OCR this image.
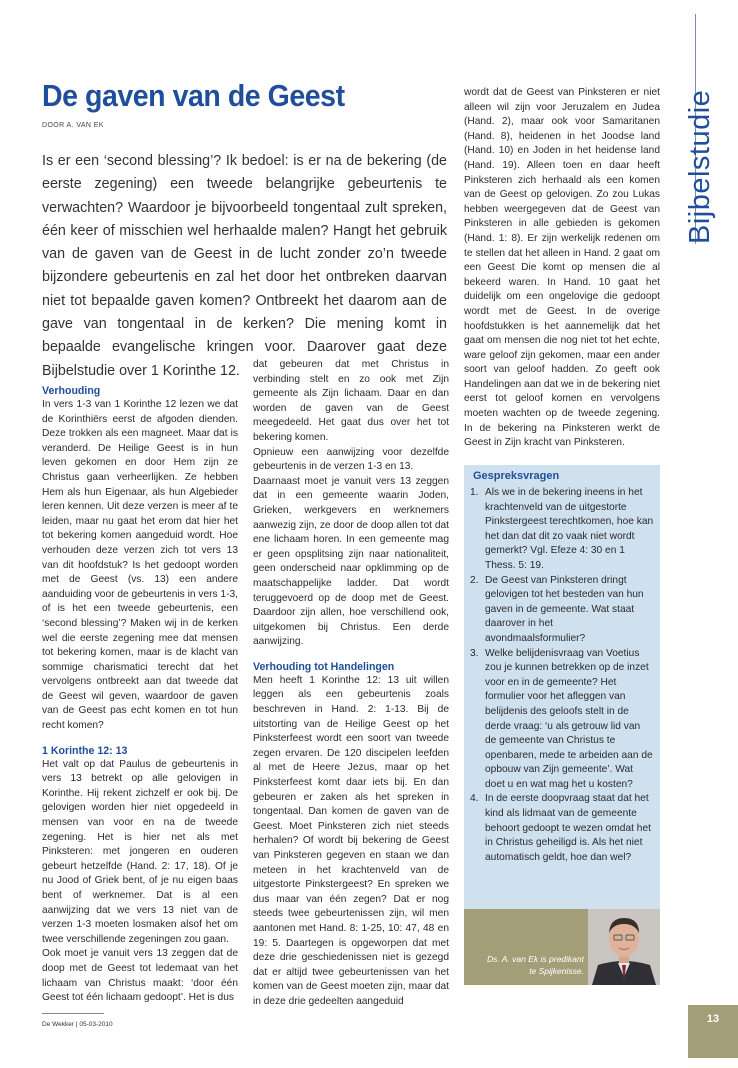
De gaven van de Geest
DOOR A. VAN EK

Is er een ‘second blessing’? Ik bedoel: is er na de bekering (de eerste zegening) een tweede belangrijke gebeurtenis te verwachten? Waardoor je bijvoorbeeld tongentaal zult spreken, één keer of misschien wel herhaalde malen? Hangt het gebruik van de gaven van de Geest in de lucht zonder zo’n tweede bijzondere gebeurtenis en zal het door het ontbreken daarvan niet tot bepaalde gaven komen? Ontbreekt het daarom aan de gave van tongentaal in de kerken? Die mening komt in bepaalde evangelische kringen voor. Daarover gaat deze Bijbelstudie over 1 Korinthe 12.

Verhouding

In vers 1-3 van 1 Korinthe 12 lezen we dat de Korinthiërs eerst de afgoden dienden. Deze trokken als een magneet. Maar dat is veranderd. De Heilige Geest is in hun leven gekomen en door Hem zijn ze Christus gaan verheerlijken. Ze hebben Hem als hun Eigenaar, als hun Algebieder leren kennen. Uit deze verzen is meer af te leiden, maar nu gaat het erom dat hier het tot bekering komen aangeduid wordt. Hoe verhouden deze verzen zich tot vers 13 van dit hoofdstuk? Is het gedoopt worden met de Geest (vs. 13) een andere aanduiding voor de gebeurtenis in vers 1-3, of is het een tweede gebeurtenis, een ‘second blessing’? Maken wij in de kerken wel die eerste zegening mee dat mensen tot bekering komen, maar is de klacht van sommige charismatici terecht dat het vervolgens ontbreekt aan dat tweede dat de Geest wil geven, waardoor de gaven van de Geest pas echt komen en tot hun recht komen?

1 Korinthe 12: 13

Het valt op dat Paulus de gebeurtenis in vers 13 betrekt op alle gelovigen in Korinthe. Hij rekent zichzelf er ook bij. De gelovigen worden hier niet opgedeeld in mensen van voor en na de tweede zegening. Het is hier net als met Pinksteren: met jongeren en ouderen gebeurt hetzelfde (Hand. 2: 17, 18). Of je nu Jood of Griek bent, of je nu eigen baas bent of werknemer. Dat is al een aanwijzing dat we vers 13 niet van de verzen 1-3 moeten losmaken alsof het om twee verschillende zegeningen zou gaan.

Ook moet je vanuit vers 13 zeggen dat de doop met de Geest tot ledemaat van het lichaam van Christus maakt: ‘door één Geest tot één lichaam gedoopt’. Het is dus

dat gebeuren dat met Christus in verbinding stelt en zo ook met Zijn gemeente als Zijn lichaam. Daar en dan worden de gaven van de Geest meegedeeld. Het gaat dus over het tot bekering komen.

Opnieuw een aanwijzing voor dezelfde gebeurtenis in de verzen 1-3 en 13.

Daarnaast moet je vanuit vers 13 zeggen dat in een gemeente waarin Joden, Grieken, werkgevers en werknemers aanwezig zijn, ze door de doop allen tot dat ene lichaam horen. In een gemeente mag er geen opsplitsing zijn naar nationaliteit, geen onderscheid naar opklimming op de maatschappelijke ladder. Dat wordt teruggevoerd op de doop met de Geest. Daardoor zijn allen, hoe verschillend ook, uitgekomen bij Christus. Een derde aanwijzing.

Verhouding tot Handelingen

Men heeft 1 Korinthe 12: 13 uit willen leggen als een gebeurtenis zoals beschreven in Hand. 2: 1-13. Bij de uitstorting van de Heilige Geest op het Pinksterfeest wordt een soort van tweede zegen ervaren. De 120 discipelen leefden al met de Heere Jezus, maar op het Pinksterfeest komt daar iets bij. En dan gebeuren er zaken als het spreken in tongentaal. Dan komen de gaven van de Geest. Moet Pinksteren zich niet steeds herhalen? Of wordt bij bekering de Geest van Pinksteren gegeven en staan we dan meteen in het krachtenveld van de uitgestorte Pinkstergeest? En spreken we dus maar van één zegen? Dat er nog steeds twee gebeurtenissen zijn, wil men aantonen met Hand. 8: 1-25, 10: 47, 48 en 19: 5. Daartegen is opgeworpen dat met deze drie geschiedenissen niet is gezegd dat er altijd twee gebeurtenissen van het komen van de Geest moeten zijn, maar dat in deze drie gedeelten aangeduid

wordt dat de Geest van Pinksteren er niet alleen wil zijn voor Jeruzalem en Judea (Hand. 2), maar ook voor Samaritanen (Hand. 8), heidenen in het Joodse land (Hand. 10) en Joden in het heidense land (Hand. 19). Alleen toen en daar heeft Pinksteren zich herhaald als een komen van de Geest op gelovigen. Zo zou Lukas hebben weergegeven dat de Geest van Pinksteren in alle gebieden is gekomen (Hand. 1: 8). Er zijn werkelijk redenen om te stellen dat het alleen in Hand. 2 gaat om een Geest Die komt op mensen die al bekeerd waren. In Hand. 10 gaat het duidelijk om een ongelovige die gedoopt wordt met de Geest. In de overige hoofdstukken is het aannemelijk dat het gaat om mensen die nog niet tot het echte, ware geloof zijn gekomen, maar een ander soort van geloof hadden. Zo geeft ook Handelingen aan dat we in de bekering niet eerst tot geloof komen en vervolgens moeten wachten op de tweede zegening. In de bekering na Pinksteren werkt de Geest in Zijn kracht van Pinksteren.

Gespreksvragen
1. Als we in de bekering ineens in het krachtenveld van de uitgestorte Pinkstergeest terechtkomen, hoe kan het dan dat dit zo vaak niet wordt gemerkt? Vgl. Efeze 4: 30 en 1 Thess. 5: 19.
2. De Geest van Pinksteren dringt gelovigen tot het besteden van hun gaven in de gemeente. Wat staat daarover in het avondmaalsformulier?
3. Welke belijdenisvraag van Voetius zou je kunnen betrekken op de inzet voor en in de gemeente? Het formulier voor het afleggen van belijdenis des geloofs stelt in de derde vraag: ‘u als getrouw lid van de gemeente van Christus te openbaren, mede te arbeiden aan de opbouw van Zijn gemeente’. Wat doet u en wat mag het u kosten?
4. In de eerste doopvraag staat dat het kind als lidmaat van de gemeente behoort gedoopt te wezen omdat het in Christus geheiligd is. Als het niet automatisch geldt, hoe dan wel?
Ds. A. van Ek is predikant te Spijkenisse.
Bijbelstudie
13
De Wekker | 05-03-2010
